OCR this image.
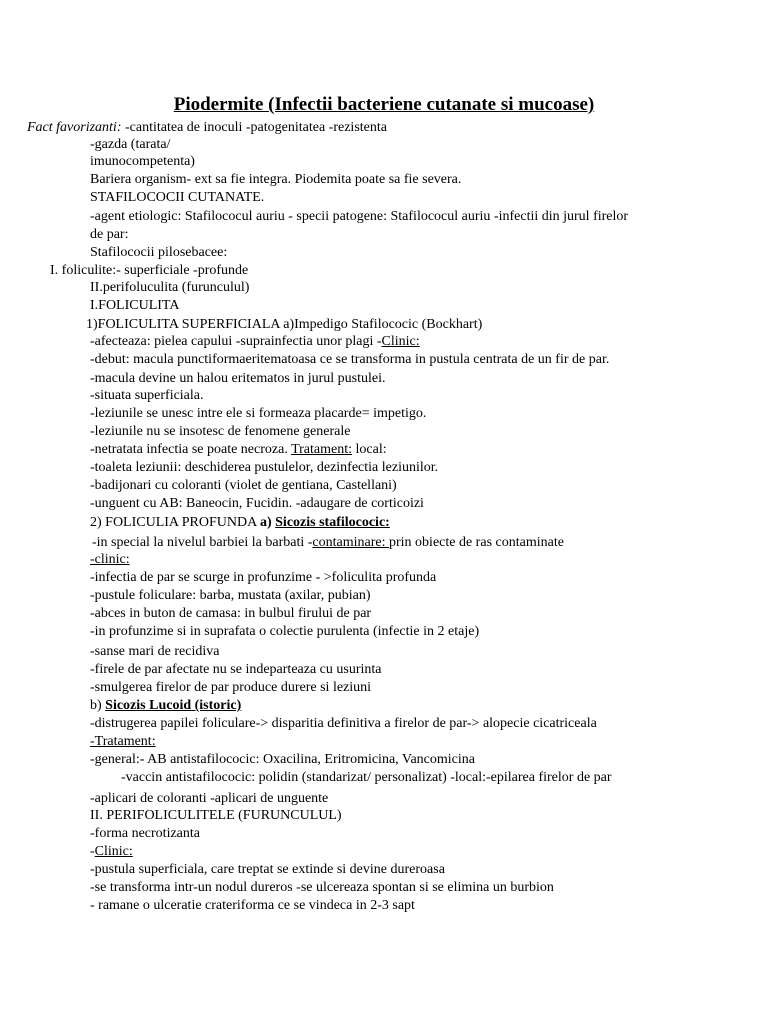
Piodermite (Infectii bacteriene cutanate si mucoase)
Fact favorizanti: -cantitatea de inoculi -patogenitatea -rezistenta
-gazda (tarata/
imunocompetenta)
Bariera organism- ext sa fie integra. Piodemita poate sa fie severa.
STAFILOCOCII CUTANATE.
-agent etiologic: Stafilococul auriu - specii patogene: Stafilococul auriu -infectii din jurul firelor
de par:
Stafilococii pilosebacee:
I. foliculite:- superficiale -profunde
II.perifoluculita (furunculul)
I.FOLICULITA
1)FOLICULITA SUPERFICIALA a)Impedigo Stafilococic (Bockhart)
-afecteaza: pielea capului -suprainfectia unor plagi -Clinic:
-debut: macula punctiformaeritematoasa ce se transforma in pustula centrata de un fir de par.
-macula devine un halou eritematos in jurul pustulei.
-situata superficiala.
-leziunile se unesc intre ele si formeaza placarde= impetigo.
-leziunile nu se insotesc de fenomene generale
-netratata infectia se poate necroza. Tratament: local:
-toaleta leziunii: deschiderea pustulelor, dezinfectia leziunilor.
-badijonari cu coloranti (violet de gentiana, Castellani)
-unguent cu AB: Baneocin, Fucidin. -adaugare de corticoizi
2) FOLICULIA PROFUNDA a) Sicozis stafilococic:
-in special la nivelul barbiei la barbati -contaminare: prin obiecte de ras contaminate
-clinic:
-infectia de par se scurge in profunzime - >foliculita profunda
-pustule foliculare: barba, mustata (axilar, pubian)
-abces in buton de camasa: in bulbul firului de par
-in profunzime si in suprafata o colectie purulenta (infectie in 2 etaje)
-sanse mari de recidiva
-firele de par afectate nu se indeparteaza cu usurinta
-smulgerea firelor de par produce durere si leziuni
b) Sicozis Lucoid (istoric)
-distrugerea papilei foliculare-> disparitia definitiva a firelor de par-> alopecie cicatriceala
-Tratament:
-general:- AB antistafilococic: Oxacilina, Eritromicina, Vancomicina
-vaccin antistafilococic: polidin (standarizat/ personalizat) -local:-epilarea firelor de par
-aplicari de coloranti -aplicari de unguente
II. PERIFOLICULITELE (FURUNCULUL)
-forma necrotizanta
-Clinic:
-pustula superficiala, care treptat se extinde si devine dureroasa
-se transforma intr-un nodul dureros -se ulcereaza spontan si se elimina un burbion
- ramane o ulceratie crateriforma ce se vindeca in 2-3 sapt
